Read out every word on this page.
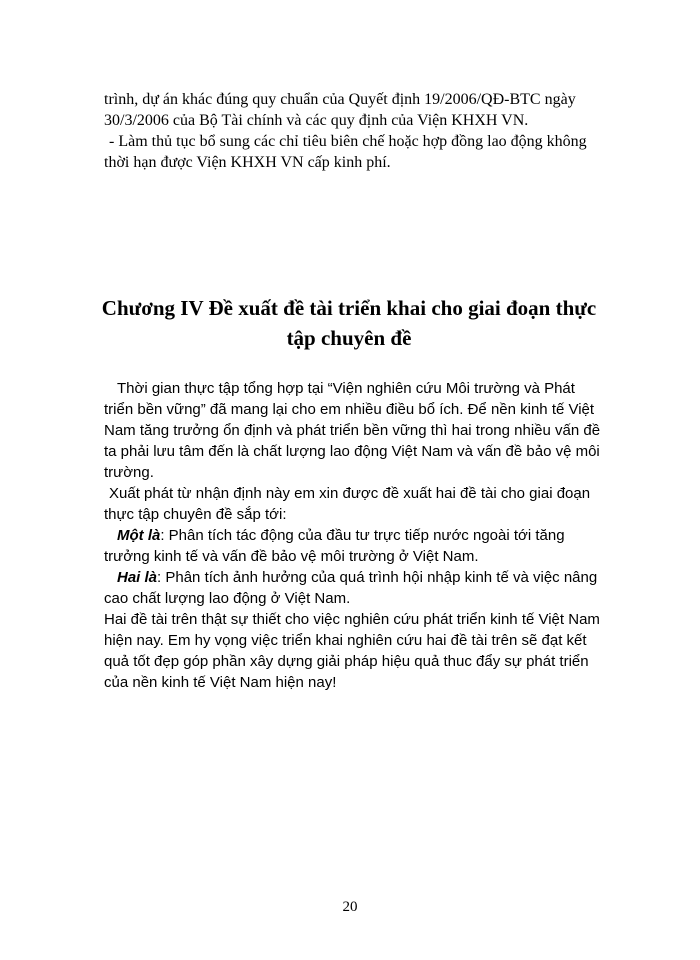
trình, dự án khác đúng quy chuẩn của Quyết định 19/2006/QĐ-BTC ngày 30/3/2006 của Bộ Tài chính và các quy định của Viện KHXH VN.

- Làm thủ tục bổ sung các chỉ tiêu biên chế hoặc hợp đồng lao động không thời hạn được Viện KHXH VN cấp kinh phí.

Chương IV Đề xuất đề tài triển khai cho giai đoạn thực tập chuyên đề

Thời gian thực tập tổng hợp tại “Viện nghiên cứu Môi trường và Phát triển bền vững” đã mang lại cho em nhiều điều bổ ích. Để nền kinh tế Việt Nam tăng trưởng ổn định và phát triển bền vững thì hai trong nhiều vấn đề ta phải lưu tâm đến là chất lượng lao động Việt Nam và vấn đề bảo vệ môi trường.

Xuất phát từ nhận định này em xin được đề xuất hai đề tài cho giai đoạn thực tập chuyên đề sắp tới:

Một là: Phân tích tác động của đầu tư trực tiếp nước ngoài tới tăng trưởng kinh tế và vấn đề bảo vệ môi trường ở Việt Nam.

Hai là: Phân tích ảnh hưởng của quá trình hội nhập kinh tế và việc nâng cao chất lượng lao động ở Việt Nam.

Hai đề tài trên thật sự thiết cho việc nghiên cứu phát triển kinh tế Việt Nam hiện nay. Em hy vọng việc triển khai nghiên cứu hai đề tài trên sẽ đạt kết quả tốt đẹp góp phần xây dựng giải pháp hiệu quả thuc đẩy sự phát triển của nền kinh tế Việt Nam hiện nay!

20
